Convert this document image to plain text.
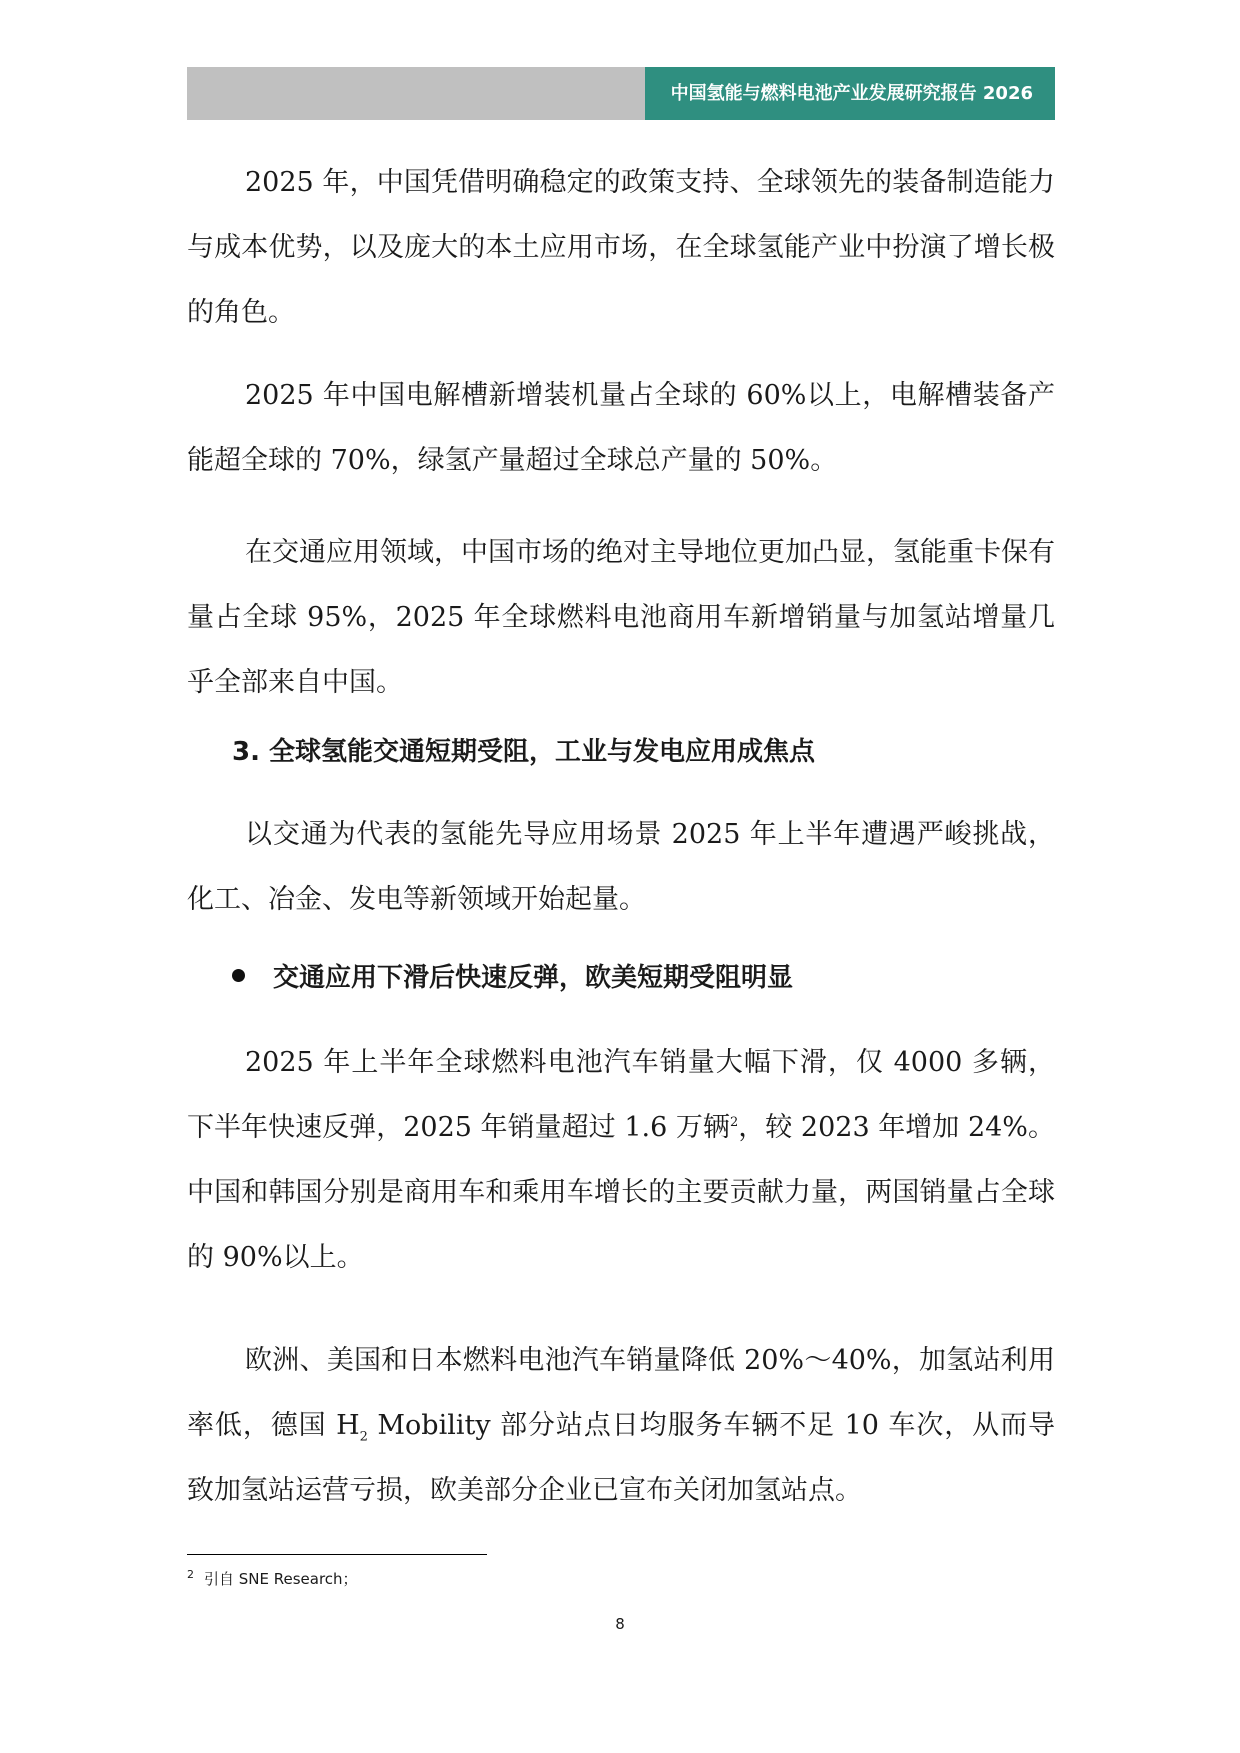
中国氢能与燃料电池产业发展研究报告 2026

2025 年，中国凭借明确稳定的政策支持、全球领先的装备制造能力与成本优势，以及庞大的本土应用市场，在全球氢能产业中扮演了增长极的角色。

2025 年中国电解槽新增装机量占全球的 60%以上，电解槽装备产能超全球的 70%，绿氢产量超过全球总产量的 50%。

在交通应用领域，中国市场的绝对主导地位更加凸显，氢能重卡保有量占全球 95%，2025 年全球燃料电池商用车新增销量与加氢站增量几乎全部来自中国。

3. 全球氢能交通短期受阻，工业与发电应用成焦点

以交通为代表的氢能先导应用场景 2025 年上半年遭遇严峻挑战，化工、冶金、发电等新领域开始起量。

交通应用下滑后快速反弹，欧美短期受阻明显

2025 年上半年全球燃料电池汽车销量大幅下滑，仅 4000 多辆，下半年快速反弹，2025 年销量超过 1.6 万辆$^2$，较 2023 年增加 24%。中国和韩国分别是商用车和乘用车增长的主要贡献力量，两国销量占全球的 90%以上。

欧洲、美国和日本燃料电池汽车销量降低 20%～40%，加氢站利用率低，德国 $H_2$ Mobility 部分站点日均服务车辆不足 10 车次，从而导致加氢站运营亏损，欧美部分企业已宣布关闭加氢站点。

$^2$ 引自 SNE Research；
8
